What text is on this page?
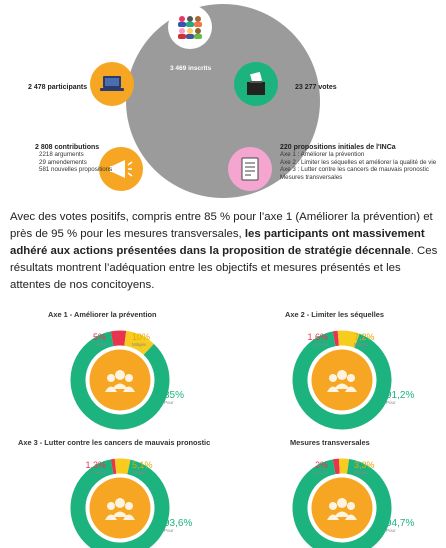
3 469 inscrits
2 478 participants	23 277 votes
2 808 contributions
2218 arguments
29 amendements
581 nouvelles propositions
220 propositions initiales de l'INCa
Axe 1 : Améliorer la prévention
Axe 2 : Limiter les séquelles et améliorer la qualité de vie
Axe 3 : Lutter contre les cancers de mauvais pronostic
Mesures transversales
Avec des votes positifs, compris entre 85 % pour l’axe 1 (Améliorer la prévention) et près de 95 % pour les mesures transversales, les participants ont massivement adhéré aux actions présentées dans la proposition de stratégie décennale. Ces résultats montrent l’adéquation entre les objectifs et mesures présentés et les attentes de nos concitoyens.
Axe 1 - Améliorer la prévention	Axe 2 - Limiter les séquelles
Axe 3 - Lutter contre les cancers de mauvais pronostic	Mesures transversales
5%
Contre
10%
Mitigés
85%
Pour
1,6%
Contre
7,2%
Mitigés
91,2%
Pour
1,3%
Contre
5,1%
Mitigés
93,6%
Pour
2%
Contre
3,3%
Mitigés
94,7%
Pour
